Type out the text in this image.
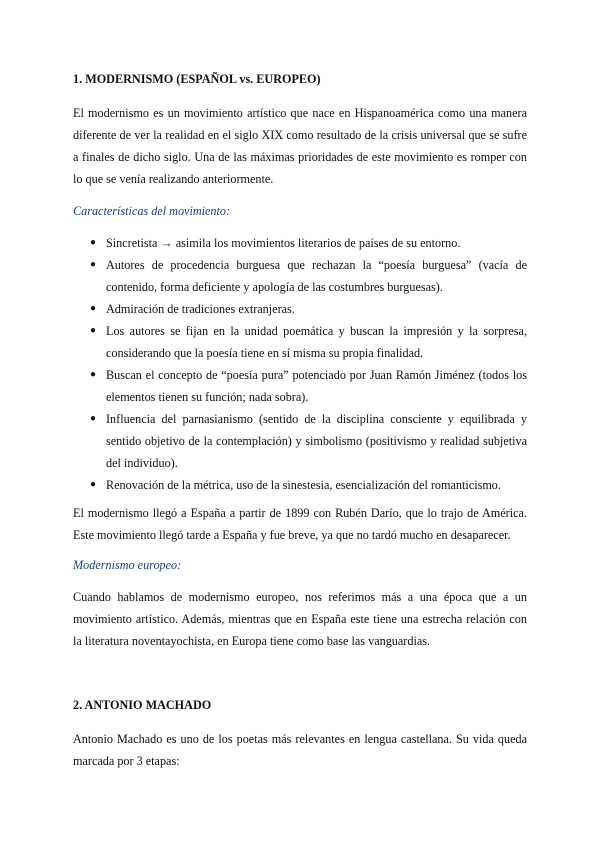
1. MODERNISMO (ESPAÑOL vs. EUROPEO)

El modernismo es un movimiento artístico que nace en Hispanoamérica como una manera diferente de ver la realidad en el siglo XIX como resultado de la crisis universal que se sufre a finales de dicho siglo. Una de las máximas prioridades de este movimiento es romper con lo que se venía realizando anteriormente.

Características del movimiento:

● Sincretista → asimila los movimientos literarios de países de su entorno.
● Autores de procedencia burguesa que rechazan la “poesía burguesa” (vacía de contenido, forma deficiente y apología de las costumbres burguesas).
● Admiración de tradiciones extranjeras.
● Los autores se fijan en la unidad poemática y buscan la impresión y la sorpresa, considerando que la poesía tiene en sí misma su propia finalidad.
● Buscan el concepto de “poesía pura” potenciado por Juan Ramón Jiménez (todos los elementos tienen su función; nada sobra).
● Influencia del parnasianismo (sentido de la disciplina consciente y equilibrada y sentido objetivo de la contemplación) y simbolismo (positivismo y realidad subjetiva del individuo).
● Renovación de la métrica, uso de la sinestesia, esencialización del romanticismo.

El modernismo llegó a España a partir de 1899 con Rubén Darío, que lo trajo de América. Este movimiento llegó tarde a España y fue breve, ya que no tardó mucho en desaparecer.

Modernismo europeo:

Cuando hablamos de modernismo europeo, nos referimos más a una época que a un movimiento artístico. Además, mientras que en España este tiene una estrecha relación con la literatura noventayochista, en Europa tiene como base las vanguardias.

2. ANTONIO MACHADO

Antonio Machado es uno de los poetas más relevantes en lengua castellana. Su vida queda marcada por 3 etapas:
